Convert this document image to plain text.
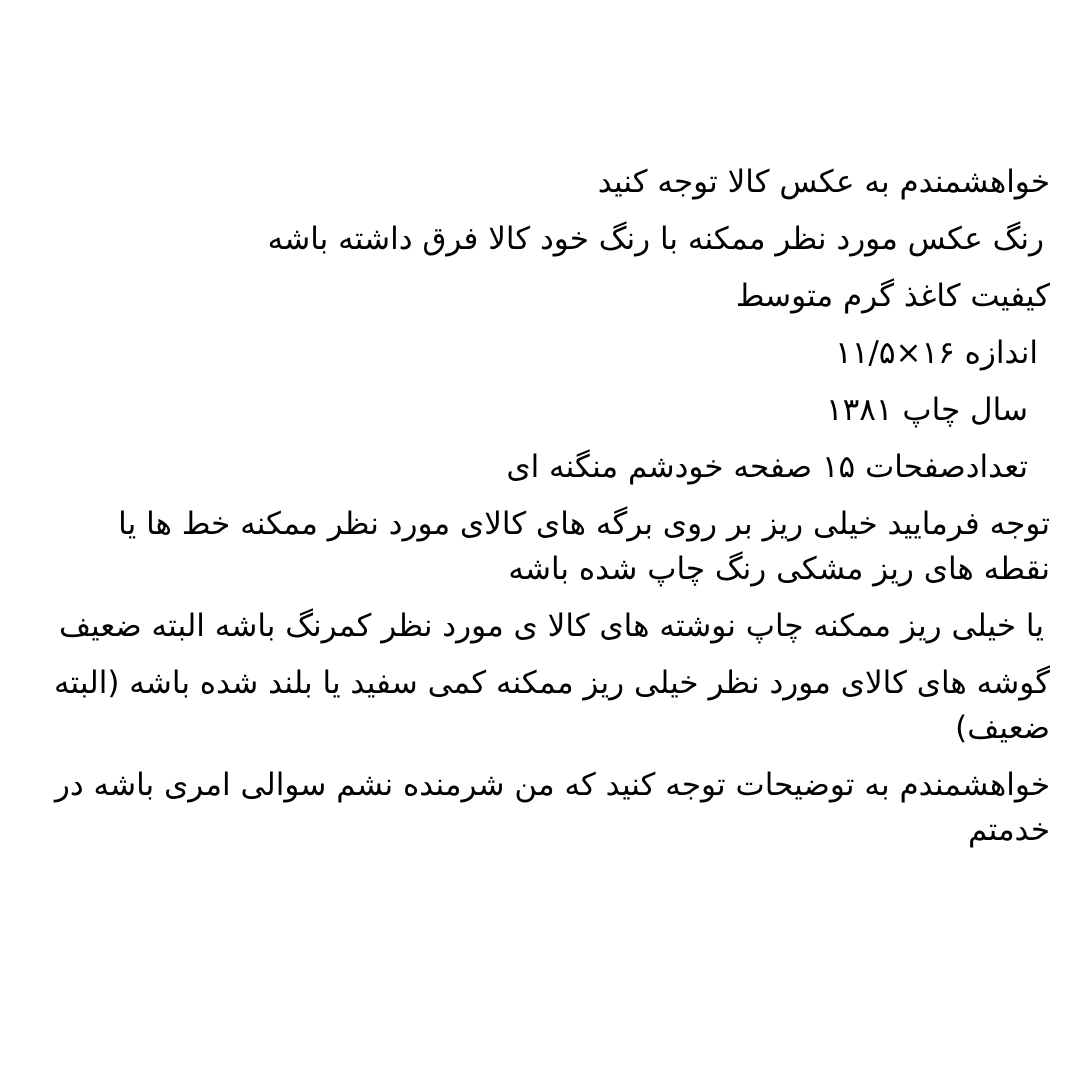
خواهشمندم به عکس کالا توجه کنید

رنگ عکس مورد نظر ممکنه با رنگ خود کالا فرق داشته باشه

کیفیت کاغذ گرم متوسط

اندازه ۱۶×۱۱/۵

سال چاپ ۱۳۸۱

تعدادصفحات ۱۵ صفحه خودشم منگنه ای

توجه فرمایید خیلی ریز بر روی برگه های کالای مورد نظر ممکنه خط ها یا نقطه های ریز مشکی رنگ چاپ شده باشه

یا خیلی ریز ممکنه چاپ نوشته های کالا ی مورد نظر کمرنگ باشه البته ضعیف

گوشه های کالای مورد نظر خیلی ریز ممکنه کمی سفید یا بلند شده باشه (البته ضعیف)

خواهشمندم به توضیحات توجه کنید که من شرمنده نشم سوالی امری باشه در خدمتم
